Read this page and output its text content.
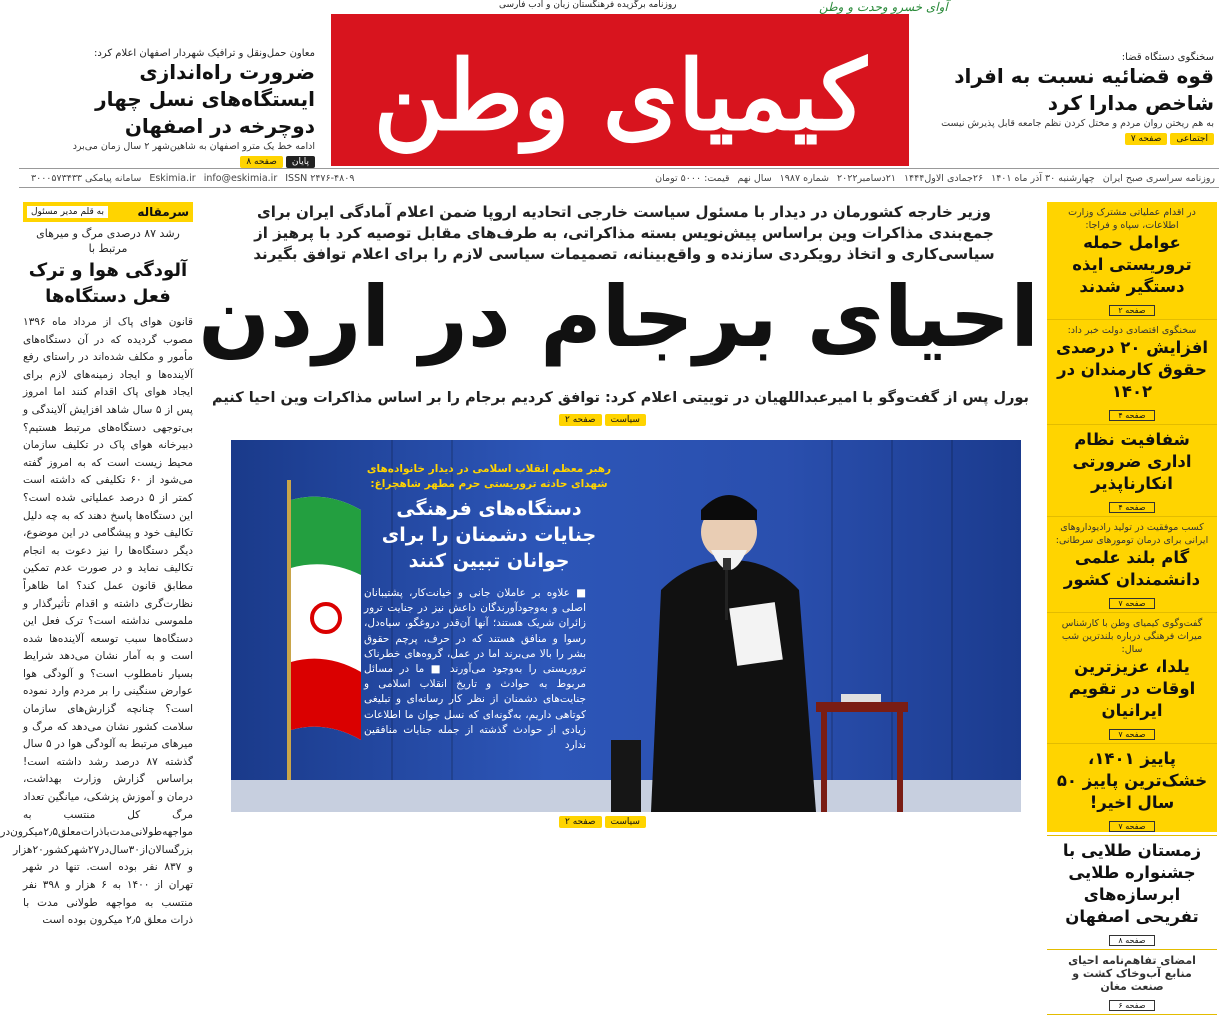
روزنامه برگزیده فرهنگستان زبان و ادب فارسی	آوای خسرو وحدت و وطن
کیمیای وطن	سخنگوی دستگاه قضا:
قوه قضائیه نسبت به افراد شاخص مدارا کرد
به هم ریختن روان مردم و مختل کردن نظم جامعه قابل پذیرش نیست
اجتماعی
صفحه ۷
معاون حمل‌ونقل و ترافیک شهردار اصفهان اعلام کرد:
ضرورت راه‌اندازی ایستگاه‌های نسل چهار دوچرخه در اصفهان
ادامه خط یک مترو اصفهان به شاهین‌شهر ۲ سال زمان می‌برد
پایان
صفحه ۸
روزنامه سراسری صبح ایران
چهارشنبه ۳۰ آذر ماه ۱۴۰۱
۲۶جمادی الاول۱۴۴۴
۲۱دسامبر۲۰۲۲
شماره ۱۹۸۷
سال نهم
قیمت: ۵۰۰۰ تومان
ISSN ۲۴۷۶-۴۸۰۹
info@eskimia.ir
Eskimia.ir
سامانه پیامکی ۳۰۰۰۵۷۳۴۳۳
در اقدام عملیاتی مشترک وزارت اطلاعات، سپاه و فراجا:
عوامل حمله تروریستی ایذه دستگیر شدند
صفحه ۲
سخنگوی اقتصادی دولت خبر داد:
افزایش ۲۰ درصدی حقوق کارمندان در ۱۴۰۲
صفحه ۴
شفافیت نظام اداری ضرورتی انکارناپذیر
صفحه ۴
کسب موفقیت در تولید رادیوداروهای ایرانی برای درمان تومورهای سرطانی:
گام بلند علمی دانشمندان کشور
صفحه ۷
گفت‌وگوی کیمیای وطن با کارشناس میراث فرهنگی درباره بلندترین شب سال:
یلدا، عزیزترین اوقات در تقویم ایرانیان
صفحه ۷
پاییز ۱۴۰۱، خشک‌ترین پاییز ۵۰ سال اخیر!
صفحه ۷
زمستان طلایی با جشنواره طلایی ابرسازه‌های تفریحی اصفهان
صفحه ۸
امضای تفاهم‌نامه احیای منابع آب‌وخاک کشت و صنعت مغان
صفحه ۶
سرمقاله
به قلم مدیر مسئول
رشد ۸۷ درصدی مرگ و میرهای مرتبط با
آلودگی هوا و ترک فعل دستگاه‌ها
قانون هوای پاک از مرداد ماه ۱۳۹۶ مصوب گردیده که در آن دستگاه‌های مأمور و مکلف شده‌اند در راستای رفع آلاینده‌ها و ایجاد زمینه‌های لازم برای ایجاد هوای پاک اقدام کنند اما امروز پس از ۵ سال شاهد افزایش آلایندگی و بی‌توجهی دستگاه‌های مرتبط هستیم؟ دبیرخانه هوای پاک در تکلیف سازمان محیط زیست است که به امروز گفته می‌شود از ۶۰ تکلیفی که داشته است کمتر از ۵ درصد عملیاتی شده است؟ این دستگاه‌ها پاسخ دهند که به چه دلیل تکالیف خود و پیشگامی در این موضوع، دیگر دستگاه‌ها را نیز دعوت به انجام تکالیف نماید و در صورت عدم تمکین مطابق قانون عمل کند؟ اما ظاهراً نظارت‌گری داشته و اقدام تأثیرگذار و ملموسی نداشته است؟ ترک فعل این دستگاه‌ها سبب توسعه آلاینده‌ها شده است و به آمار نشان می‌دهد شرایط بسیار نامطلوب است؟ و آلودگی هوا عوارض سنگینی را بر مردم وارد نموده است؟ چنانچه گزارش‌های سازمان سلامت کشور نشان می‌دهد که مرگ و میرهای مرتبط به آلودگی هوا در ۵ سال گذشته ۸۷ درصد رشد داشته است! براساس گزارش وزارت بهداشت، درمان و آموزش پزشکی، میانگین تعداد مرگ کل منتسب به مواجهه‌طولانی‌مدت‌باذرات‌معلق‌۲٫۵میکرون‌در بزرگسالان‌از۳۰سال‌در۲۷شهر‌کشور۲۰هزار و ۸۳۷ نفر بوده است. تنها در شهر تهران از ۱۴۰۰ به ۶ هزار و ۳۹۸ نفر منتسب به مواجهه طولانی مدت با ذرات معلق ۲٫۵ میکرون بوده است
وزیر خارجه کشورمان در دیدار با مسئول سیاست خارجی اتحادیه اروپا ضمن اعلام آمادگی ایران برای جمع‌بندی مذاکرات وین براساس پیش‌نویس بسته مذاکراتی، به طرف‌های مقابل توصیه کرد با پرهیز از سیاسی‌کاری و اتخاذ رویکردی سازنده و واقع‌بینانه، تصمیمات سیاسی لازم را برای اعلام توافق بگیرند
احیای برجام در اردن
بورل پس از گفت‌وگو با امیرعبداللهیان در توییتی اعلام کرد: توافق کردیم برجام را بر اساس مذاکرات وین احیا کنیم
سیاست
صفحه ۲
رهبر معظم انقلاب اسلامی در دیدار خانواده‌های شهدای حادثه تروریستی حرم مطهر شاهچراغ:
دستگاه‌های فرهنگی جنایات دشمنان را برای جوانان تبیین کنند
■ علاوه بر عاملان جانی و خیانت‌کار، پشتیبانان اصلی و به‌وجودآورندگان داعش نیز در جنایت ترور زائران شریک هستند؛ آنها آن‌قدر دروغگو، سیاه‌دل، رسوا و منافق هستند که در حرف، پرچم حقوق بشر را بالا می‌برند اما در عمل، گروه‌های خطرناک تروریستی را به‌وجود می‌آورند ■ ما در مسائل مربوط به حوادث و تاریخ انقلاب اسلامی و جنایت‌های دشمنان از نظر کار رسانه‌ای و تبلیغی کوتاهی داریم، به‌گونه‌ای که نسل جوان ما اطلاعات زیادی از حوادث گذشته از جمله جنایات منافقین ندارد
سیاست
صفحه ۲
